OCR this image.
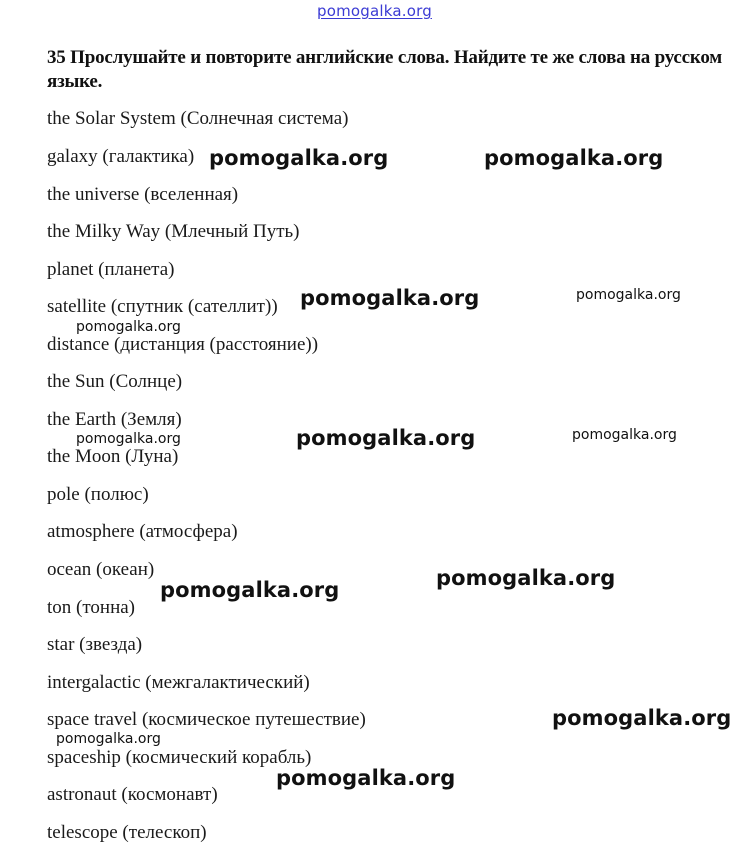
pomogalka.org
35 Прослушайте и повторите английские слова. Найдите те же слова на русском языке.
the Solar System (Солнечная система)
galaxy (галактика)
the universe (вселенная)
the Milky Way (Млечный Путь)
planet (планета)
satellite (спутник (сателлит))
distance (дистанция (расстояние))
the Sun (Солнце)
the Earth (Земля)
the Moon (Луна)
pole (полюс)
atmosphere (атмосфера)
ocean (океан)
ton (тонна)
star (звезда)
intergalactic (межгалактический)
space travel (космическое путешествие)
spaceship (космический корабль)
astronaut (космонавт)
telescope (телескоп)
pomogalka.org	pomogalka.org
pomogalka.org	pomogalka.org
pomogalka.org
pomogalka.org	pomogalka.org
pomogalka.org
pomogalka.org
pomogalka.org
pomogalka.org
pomogalka.org
pomogalka.org
